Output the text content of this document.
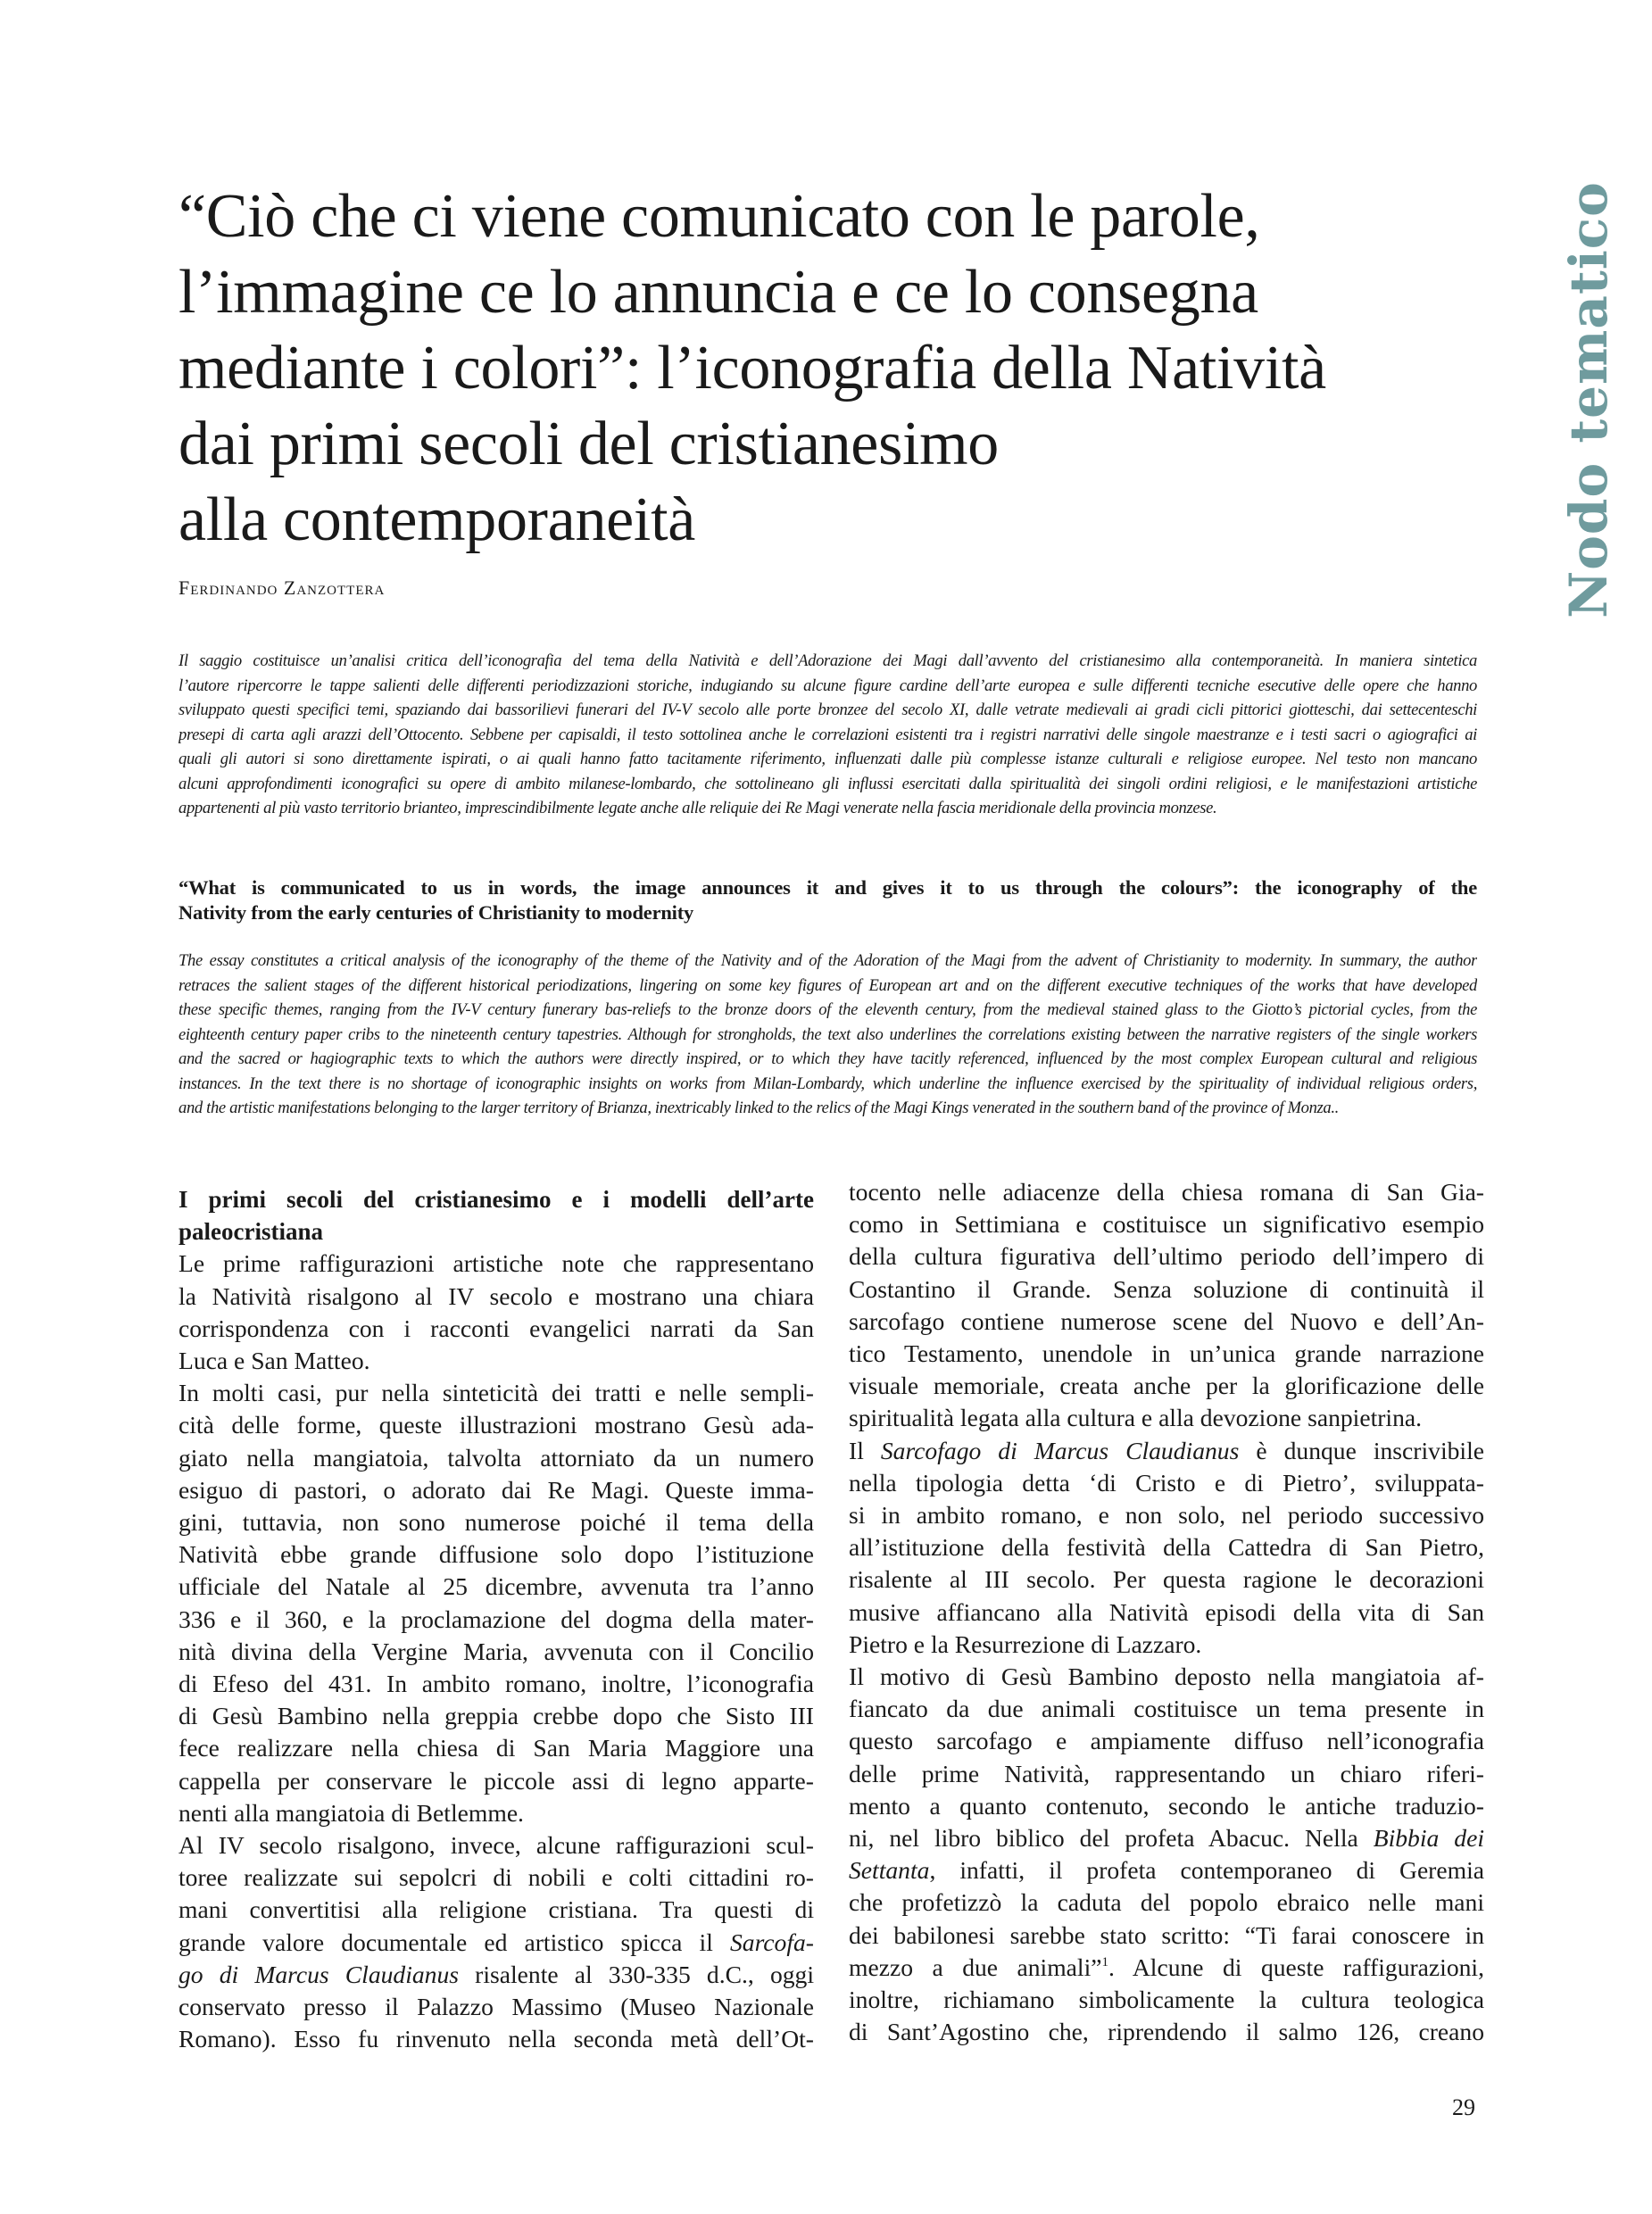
Nodo tematico
“Ciò che ci viene comunicato con le parole,
l’immagine ce lo annuncia e ce lo consegna
mediante i colori”: l’iconografia della Natività
dai primi secoli del cristianesimo
alla contemporaneità
Ferdinando Zanzottera
Il saggio costituisce un’analisi critica dell’iconografia del tema della Natività e dell’Adorazione dei Magi dall’avvento del cristianesimo alla contemporaneità. In maniera sintetica
l’autore ripercorre le tappe salienti delle differenti periodizzazioni storiche, indugiando su alcune figure cardine dell’arte europea e sulle differenti tecniche esecutive delle opere che hanno
sviluppato questi specifici temi, spaziando dai bassorilievi funerari del IV-V secolo alle porte bronzee del secolo XI, dalle vetrate medievali ai gradi cicli pittorici giotteschi, dai settecenteschi
presepi di carta agli arazzi dell’Ottocento. Sebbene per capisaldi, il testo sottolinea anche le correlazioni esistenti tra i registri narrativi delle singole maestranze e i testi sacri o agiografici ai
quali gli autori si sono direttamente ispirati, o ai quali hanno fatto tacitamente riferimento, influenzati dalle più complesse istanze culturali e religiose europee. Nel testo non mancano
alcuni approfondimenti iconografici su opere di ambito milanese-lombardo, che sottolineano gli influssi esercitati dalla spiritualità dei singoli ordini religiosi, e le manifestazioni artistiche
appartenenti al più vasto territorio brianteo, imprescindibilmente legate anche alle reliquie dei Re Magi venerate nella fascia meridionale della provincia monzese.
“What is communicated to us in words, the image announces it and gives it to us through the colours”: the iconography of the
Nativity from the early centuries of Christianity to modernity
The essay constitutes a critical analysis of the iconography of the theme of the Nativity and of the Adoration of the Magi from the advent of Christianity to modernity. In summary, the author
retraces the salient stages of the different historical periodizations, lingering on some key figures of European art and on the different executive techniques of the works that have developed
these specific themes, ranging from the IV-V century funerary bas-reliefs to the bronze doors of the eleventh century, from the medieval stained glass to the Giotto’s pictorial cycles, from the
eighteenth century paper cribs to the nineteenth century tapestries. Although for strongholds, the text also underlines the correlations existing between the narrative registers of the single workers
and the sacred or hagiographic texts to which the authors were directly inspired, or to which they have tacitly referenced, influenced by the most complex European cultural and religious
instances. In the text there is no shortage of iconographic insights on works from Milan-Lombardy, which underline the influence exercised by the spirituality of individual religious orders,
and the artistic manifestations belonging to the larger territory of Brianza, inextricably linked to the relics of the Magi Kings venerated in the southern band of the province of Monza..
I primi secoli del cristianesimo e i modelli dell’arte
paleocristiana
Le prime raffigurazioni artistiche note che rappresentano
la Natività risalgono al IV secolo e mostrano una chiara
corrispondenza con i racconti evangelici narrati da San
Luca e San Matteo.
In molti casi, pur nella sinteticità dei tratti e nelle sempli-
cità delle forme, queste illustrazioni mostrano Gesù ada-
giato nella mangiatoia, talvolta attorniato da un numero
esiguo di pastori, o adorato dai Re Magi. Queste imma-
gini, tuttavia, non sono numerose poiché il tema della
Natività ebbe grande diffusione solo dopo l’istituzione
ufficiale del Natale al 25 dicembre, avvenuta tra l’anno
336 e il 360, e la proclamazione del dogma della mater-
nità divina della Vergine Maria, avvenuta con il Concilio
di Efeso del 431. In ambito romano, inoltre, l’iconografia
di Gesù Bambino nella greppia crebbe dopo che Sisto III
fece realizzare nella chiesa di San Maria Maggiore una
cappella per conservare le piccole assi di legno apparte-
nenti alla mangiatoia di Betlemme.
Al IV secolo risalgono, invece, alcune raffigurazioni scul-
toree realizzate sui sepolcri di nobili e colti cittadini ro-
mani convertitisi alla religione cristiana. Tra questi di
grande valore documentale ed artistico spicca il Sarcofa-
go di Marcus Claudianus risalente al 330-335 d.C., oggi
conservato presso il Palazzo Massimo (Museo Nazionale
Romano). Esso fu rinvenuto nella seconda metà dell’Ot-
tocento nelle adiacenze della chiesa romana di San Gia-
como in Settimiana e costituisce un significativo esempio
della cultura figurativa dell’ultimo periodo dell’impero di
Costantino il Grande. Senza soluzione di continuità il
sarcofago contiene numerose scene del Nuovo e dell’An-
tico Testamento, unendole in un’unica grande narrazione
visuale memoriale, creata anche per la glorificazione delle
spiritualità legata alla cultura e alla devozione sanpietrina.
Il Sarcofago di Marcus Claudianus è dunque inscrivibile
nella tipologia detta ‘di Cristo e di Pietro’, sviluppata-
si in ambito romano, e non solo, nel periodo successivo
all’istituzione della festività della Cattedra di San Pietro,
risalente al III secolo. Per questa ragione le decorazioni
musive affiancano alla Natività episodi della vita di San
Pietro e la Resurrezione di Lazzaro.
Il motivo di Gesù Bambino deposto nella mangiatoia af-
fiancato da due animali costituisce un tema presente in
questo sarcofago e ampiamente diffuso nell’iconografia
delle prime Natività, rappresentando un chiaro riferi-
mento a quanto contenuto, secondo le antiche traduzio-
ni, nel libro biblico del profeta Abacuc. Nella Bibbia dei
Settanta, infatti, il profeta contemporaneo di Geremia
che profetizzò la caduta del popolo ebraico nelle mani
dei babilonesi sarebbe stato scritto: “Ti farai conoscere in
mezzo a due animali”$^1$. Alcune di queste raffigurazioni,
inoltre, richiamano simbolicamente la cultura teologica
di Sant’Agostino che, riprendendo il salmo 126, creano
29
